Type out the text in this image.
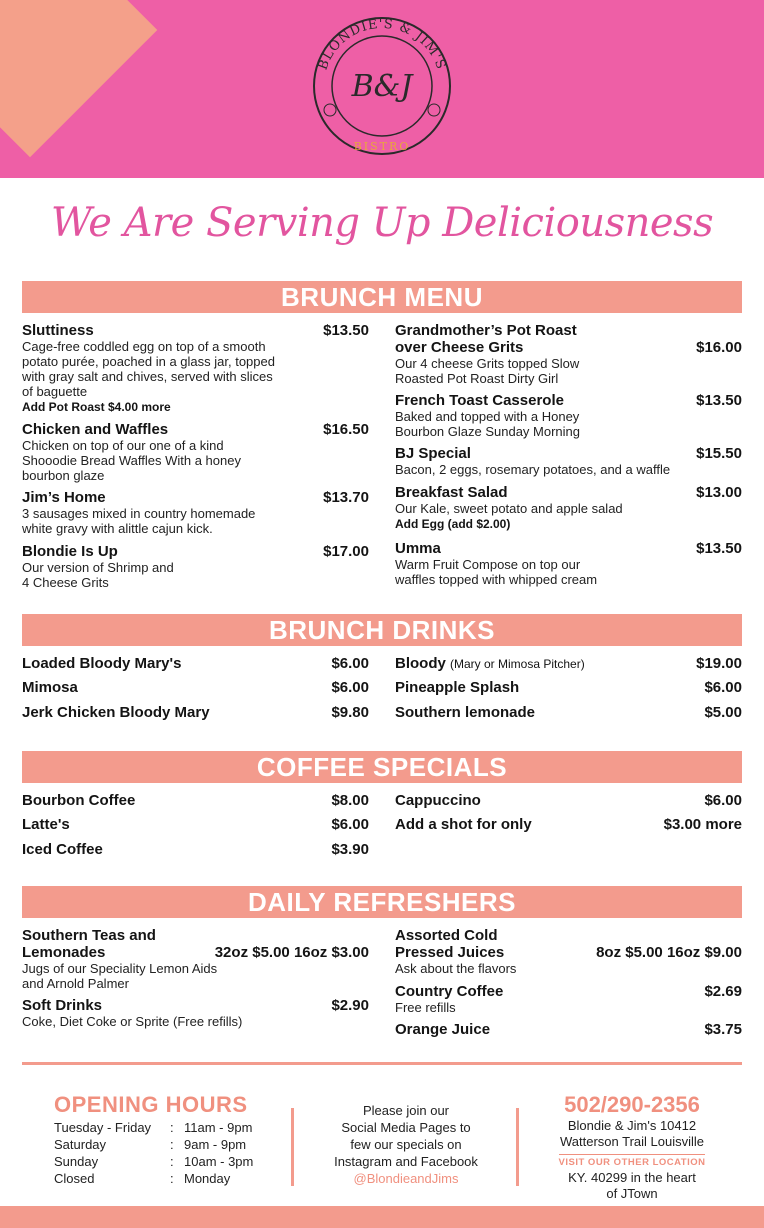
BLONDIE'S & JIM'S
B&J
BISTRO
We Are Serving Up Deliciousness
BRUNCH MENU
Sluttiness	$13.50
Cage-free coddled egg on top of a smooth
potato purée, poached in a glass jar, topped
with gray salt and chives, served with slices
of baguette
Add Pot Roast $4.00 more
Chicken and Waffles	$16.50
Chicken on top of our one of a kind
Shooodie Bread Waffles With a honey
bourbon glaze
Jim’s Home	$13.70
3 sausages mixed in country homemade
white gravy with alittle cajun kick.
Blondie Is Up	$17.00
Our version of Shrimp and
4 Cheese Grits
Grandmother’s Pot Roast
over Cheese Grits	$16.00
Our 4 cheese Grits topped Slow
Roasted Pot Roast Dirty Girl
French Toast Casserole	$13.50
Baked and topped with a Honey
Bourbon Glaze Sunday Morning
BJ Special	$15.50
Bacon, 2 eggs, rosemary potatoes, and a waffle
Breakfast Salad	$13.00
Our Kale, sweet potato and apple salad
Add Egg (add $2.00)
Umma	$13.50
Warm Fruit Compose on top our
waffles topped with whipped cream
BRUNCH DRINKS
Loaded Bloody Mary's	$6.00
Mimosa	$6.00
Jerk Chicken Bloody Mary	$9.80
Bloody (Mary or Mimosa Pitcher)	$19.00
Pineapple Splash	$6.00
Southern lemonade	$5.00
COFFEE SPECIALS
Bourbon Coffee	$8.00
Latte's	$6.00
Iced Coffee	$3.90
Cappuccino	$6.00
Add a shot for only	$3.00 more
DAILY REFRESHERS
Southern Teas and
Lemonades	32oz $5.00 16oz $3.00
Jugs of our Speciality Lemon Aids
and Arnold Palmer
Soft Drinks	$2.90
Coke, Diet Coke or Sprite (Free refills)
Assorted Cold
Pressed Juices	8oz $5.00 16oz $9.00
Ask about the flavors
Country Coffee	$2.69
Free refills
Orange Juice	$3.75
OPENING HOURS
Tuesday - Friday : 11am - 9pm
Saturday	: 9am - 9pm
Sunday	: 10am - 3pm
Closed	: Monday
Please join our
Social Media Pages to
few our specials on
Instagram and Facebook
@BlondieandJims
502/290-2356
Blondie & Jim's 10412
Watterson Trail Louisville
VISIT OUR OTHER LOCATION
KY. 40299 in the heart
of JTown
